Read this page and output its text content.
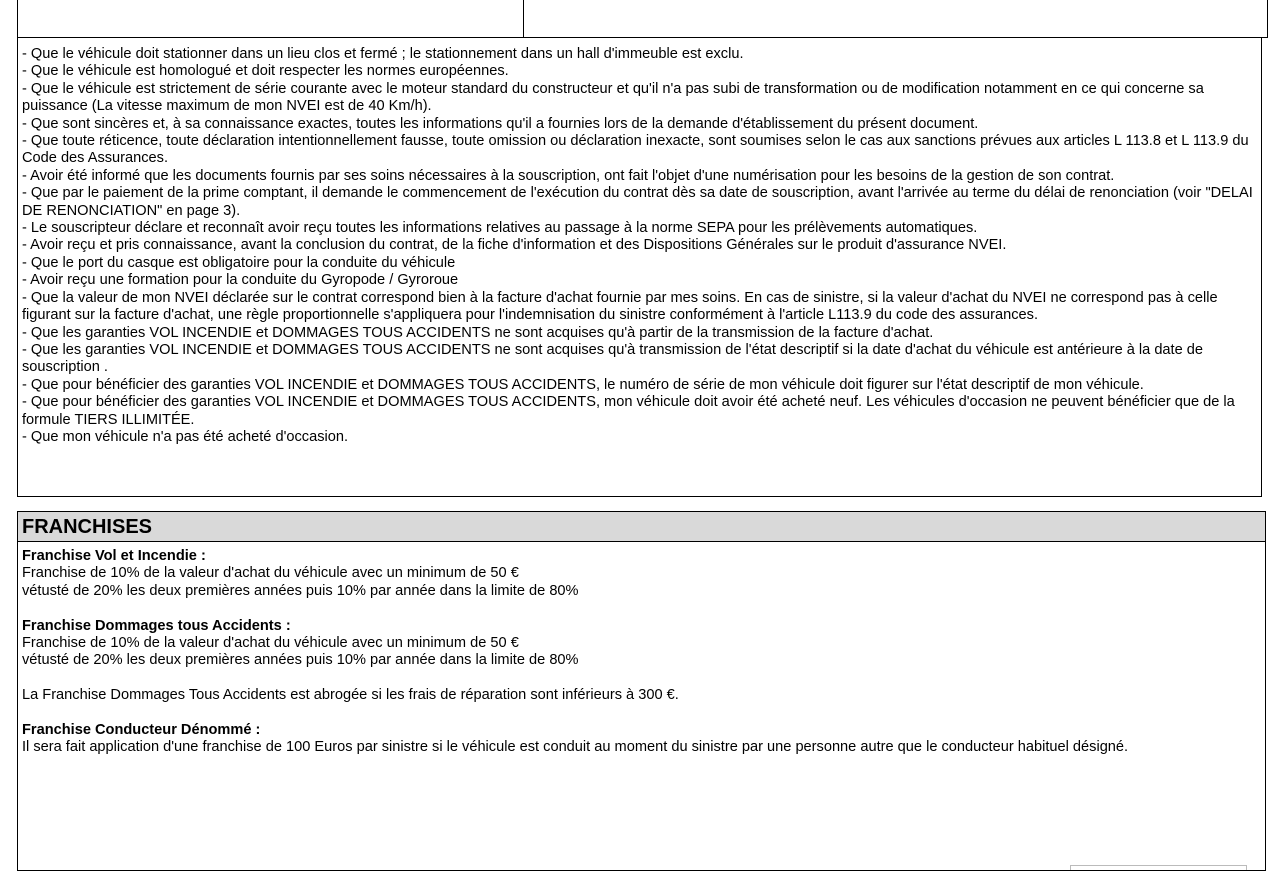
- Que le véhicule doit stationner dans un lieu clos et fermé ; le stationnement dans un hall d'immeuble est exclu.
- Que le véhicule est homologué et doit respecter les normes européennes.
- Que le véhicule est strictement de série courante avec le moteur standard du constructeur et qu'il n'a pas subi de transformation ou de modification notamment en ce qui concerne sa puissance (La vitesse maximum de mon NVEI est de 40 Km/h).
- Que sont sincères et, à sa connaissance exactes, toutes les informations qu'il a fournies lors de la demande d'établissement du présent document.
- Que toute réticence, toute déclaration intentionnellement fausse, toute omission ou déclaration inexacte, sont soumises selon le cas aux sanctions prévues aux articles L 113.8 et L 113.9 du Code des Assurances.
- Avoir été informé que les documents fournis par ses soins nécessaires à la souscription, ont fait l'objet d'une numérisation pour les besoins de la gestion de son contrat.
- Que par le paiement de la prime comptant, il demande le commencement de l'exécution du contrat dès sa date de souscription, avant l'arrivée au terme du délai de renonciation (voir "DELAI DE RENONCIATION" en page 3).
- Le souscripteur déclare et reconnaît avoir reçu toutes les informations relatives au passage à la norme SEPA pour les prélèvements automatiques.
- Avoir reçu et pris connaissance, avant la conclusion du contrat, de la fiche d'information et des Dispositions Générales sur le produit d'assurance NVEI.
- Que le port du casque est obligatoire pour la conduite du véhicule
- Avoir reçu une formation pour la conduite du Gyropode / Gyroroue
- Que la valeur de mon NVEI déclarée sur le contrat correspond bien à la facture d'achat fournie par mes soins. En cas de sinistre, si la valeur d'achat du NVEI ne correspond pas à celle figurant sur la facture d'achat, une règle proportionnelle s'appliquera pour l'indemnisation du sinistre conformément à l'article L113.9 du code des assurances.
- Que les garanties VOL INCENDIE et DOMMAGES TOUS ACCIDENTS ne sont acquises qu'à partir de la transmission de la facture d'achat.
- Que les garanties VOL INCENDIE et DOMMAGES TOUS ACCIDENTS ne sont acquises qu'à transmission de l'état descriptif si la date d'achat du véhicule est antérieure à la date de souscription .
- Que pour bénéficier des garanties VOL INCENDIE et DOMMAGES TOUS ACCIDENTS, le numéro de série de mon véhicule doit figurer sur l'état descriptif de mon véhicule.
- Que pour bénéficier des garanties VOL INCENDIE et DOMMAGES TOUS ACCIDENTS, mon véhicule doit avoir été acheté neuf. Les véhicules d'occasion ne peuvent bénéficier que de la formule TIERS ILLIMITÉE.
- Que mon véhicule n'a pas été acheté d'occasion.
FRANCHISES
Franchise Vol et Incendie :
Franchise de 10% de la valeur d'achat du véhicule avec un minimum de 50 €
vétusté de 20% les deux premières années puis 10% par année dans la limite de 80%
Franchise Dommages tous Accidents :
Franchise de 10% de la valeur d'achat du véhicule avec un minimum de 50 €
vétusté de 20% les deux premières années puis 10% par année dans la limite de 80%
La Franchise Dommages Tous Accidents est abrogée si les frais de réparation sont inférieurs à 300 €.
Franchise Conducteur Dénommé :
Il sera fait application d'une franchise de 100 Euros par sinistre si le véhicule est conduit au moment du sinistre par une personne autre que le conducteur habituel désigné.
